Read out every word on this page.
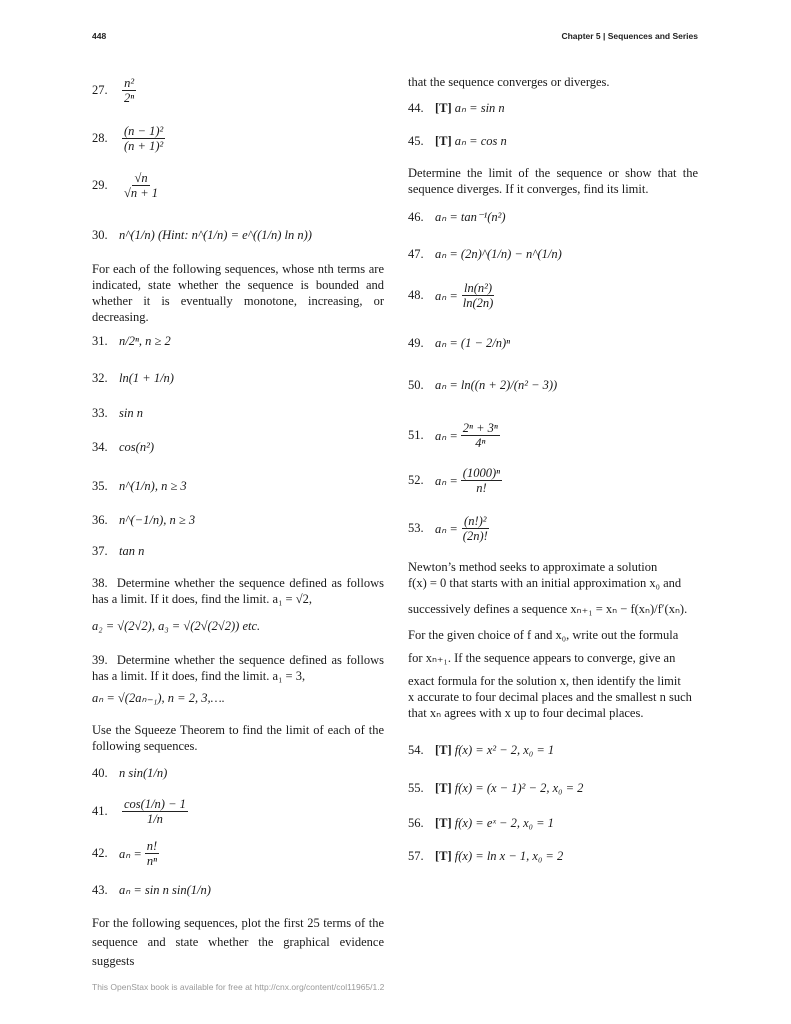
448	Chapter 5 | Sequences and Series
27.	$\frac{\text{n²}}{\text{2ⁿ}}$
28.	$\frac{\text{(n − 1)²}}{\text{(n + 1)²}}$
29.	$\frac{√n}{√n + 1}$
30. n^(1/n)
(Hint: n^(1/n) = e^((1/n) ln n))
For each of the following sequences, whose nth terms are indicated, state whether the sequence is bounded and whether it is eventually monotone, increasing, or decreasing.
31. n/2ⁿ, n ≥ 2
32. ln(1 + 1/n)
33. sin n
34. cos(n²)
35. n^(1/n), n ≥ 3
36. n^(−1/n), n ≥ 3
37. tan n
38. Determine whether the sequence defined as follows has a limit. If it does, find the limit. a₁ = √2,
a₂ = √(2√2), a₃ = √(2√(2√2)) etc.
39. Determine whether the sequence defined as follows has a limit. If it does, find the limit. a₁ = 3,
aₙ = √(2aₙ₋₁), n = 2, 3,….
Use the Squeeze Theorem to find the limit of each of the following sequences.
40. n sin(1/n)
41.	$\frac{\cos(1/n) - 1}{1/n}$
42. $a_n = \frac{n!}{\text{nⁿ}}$
43. aₙ = sin n sin(1/n)
For the following sequences, plot the first 25 terms of the sequence and state whether the graphical evidence suggests
that the sequence converges or diverges.
44. [T]
aₙ = sin n
45. [T]
aₙ = cos n
Determine the limit of the sequence or show that the sequence diverges. If it converges, find its limit.
46. aₙ = tan⁻¹(n²)
47. aₙ = (2n)^(1/n) − n^(1/n)
48. $a_n = \frac{\text{ln(n²)}}{\ln(2n)}$
49. aₙ = (1 − 2/n)ⁿ
50. aₙ = ln((n + 2)/(n² − 3))
51. $a_n = \frac{\text{2ⁿ + 3ⁿ}}{\text{4ⁿ}}$
52. $a_n = \frac{\text{(1000)ⁿ}}{n!}$
53. $a_n = \frac{\text{(n!)²}}{(2n)!}$
Newton’s method seeks to approximate a solution
f(x) = 0 that starts with an initial approximation x₀ and
successively defines a sequence xₙ₊₁ = xₙ − f(xₙ)/f′(xₙ).
For the given choice of f and x₀, write out the formula
for xₙ₊₁. If the sequence appears to converge, give an
exact formula for the solution x, then identify the limit
x accurate to four decimal places and the smallest n such
that xₙ agrees with x up to four decimal places.
54. [T]
f(x) = x² − 2, x₀ = 1
55. [T]
f(x) = (x − 1)² − 2, x₀ = 2
56. [T]
f(x) = eˣ − 2, x₀ = 1
57. [T]
f(x) = ln x − 1, x₀ = 2
This OpenStax book is available for free at http://cnx.org/content/col11965/1.2
